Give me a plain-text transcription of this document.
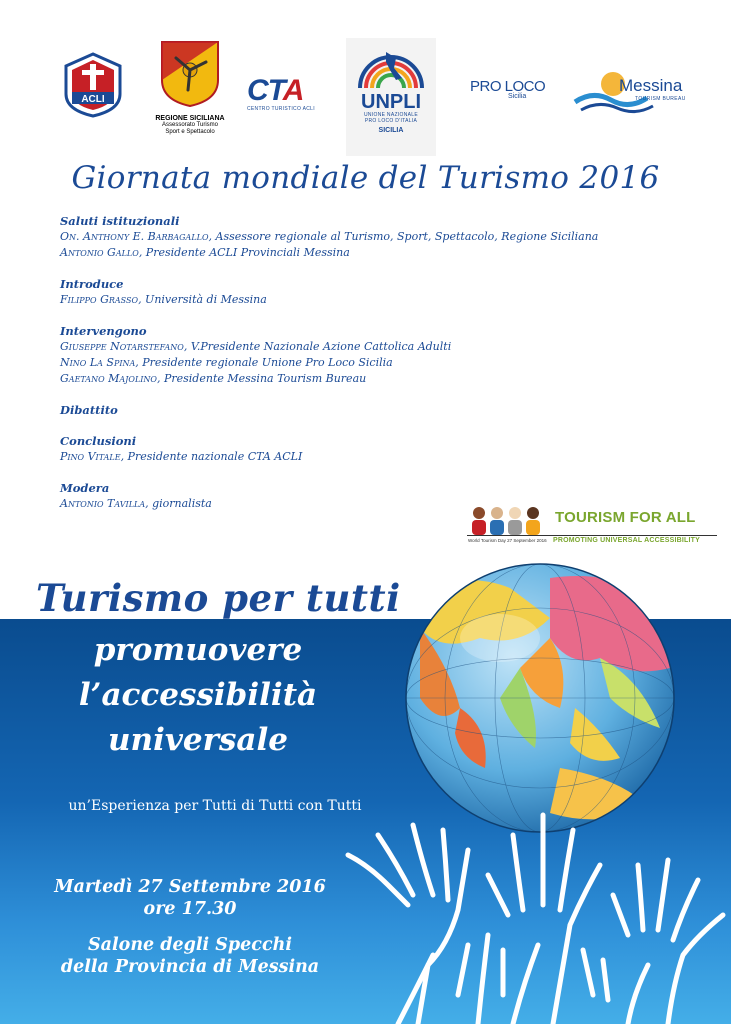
ACLI
REGIONE SICILIANA
Assessorato Turismo
Sport e Spettacolo
CTA
CENTRO TURISTICO ACLI	UNPLI
UNIONE NAZIONALE
PRO LOCO D'ITALIA
SICILIA
PRO LOCO
Sicilia
Messina
TOURISM BUREAU
Giornata mondiale del Turismo 2016
Saluti istituzionali
On. Anthony E. Barbagallo, Assessore regionale al Turismo, Sport, Spettacolo, Regione Siciliana
Antonio Gallo, Presidente ACLI Provinciali Messina
Introduce
Filippo Grasso, Università di Messina
Intervengono
Giuseppe Notarstefano, V.Presidente Nazionale Azione Cattolica Adulti
Nino La Spina, Presidente regionale Unione Pro Loco Sicilia
Gaetano Majolino, Presidente Messina Tourism Bureau
Dibattito
Conclusioni
Pino Vitale, Presidente nazionale CTA ACLI
Modera
Antonio Tavilla, giornalista
TOURISM FOR ALL
World Tourism Day 27 September 2016 PROMOTING UNIVERSAL ACCESSIBILITY
Turismo per tutti
promuovere
l’accessibilità
universale
un’Esperienza per Tutti di Tutti con Tutti
Martedì 27 Settembre 2016
ore 17.30
Salone degli Specchi
della Provincia di Messina
